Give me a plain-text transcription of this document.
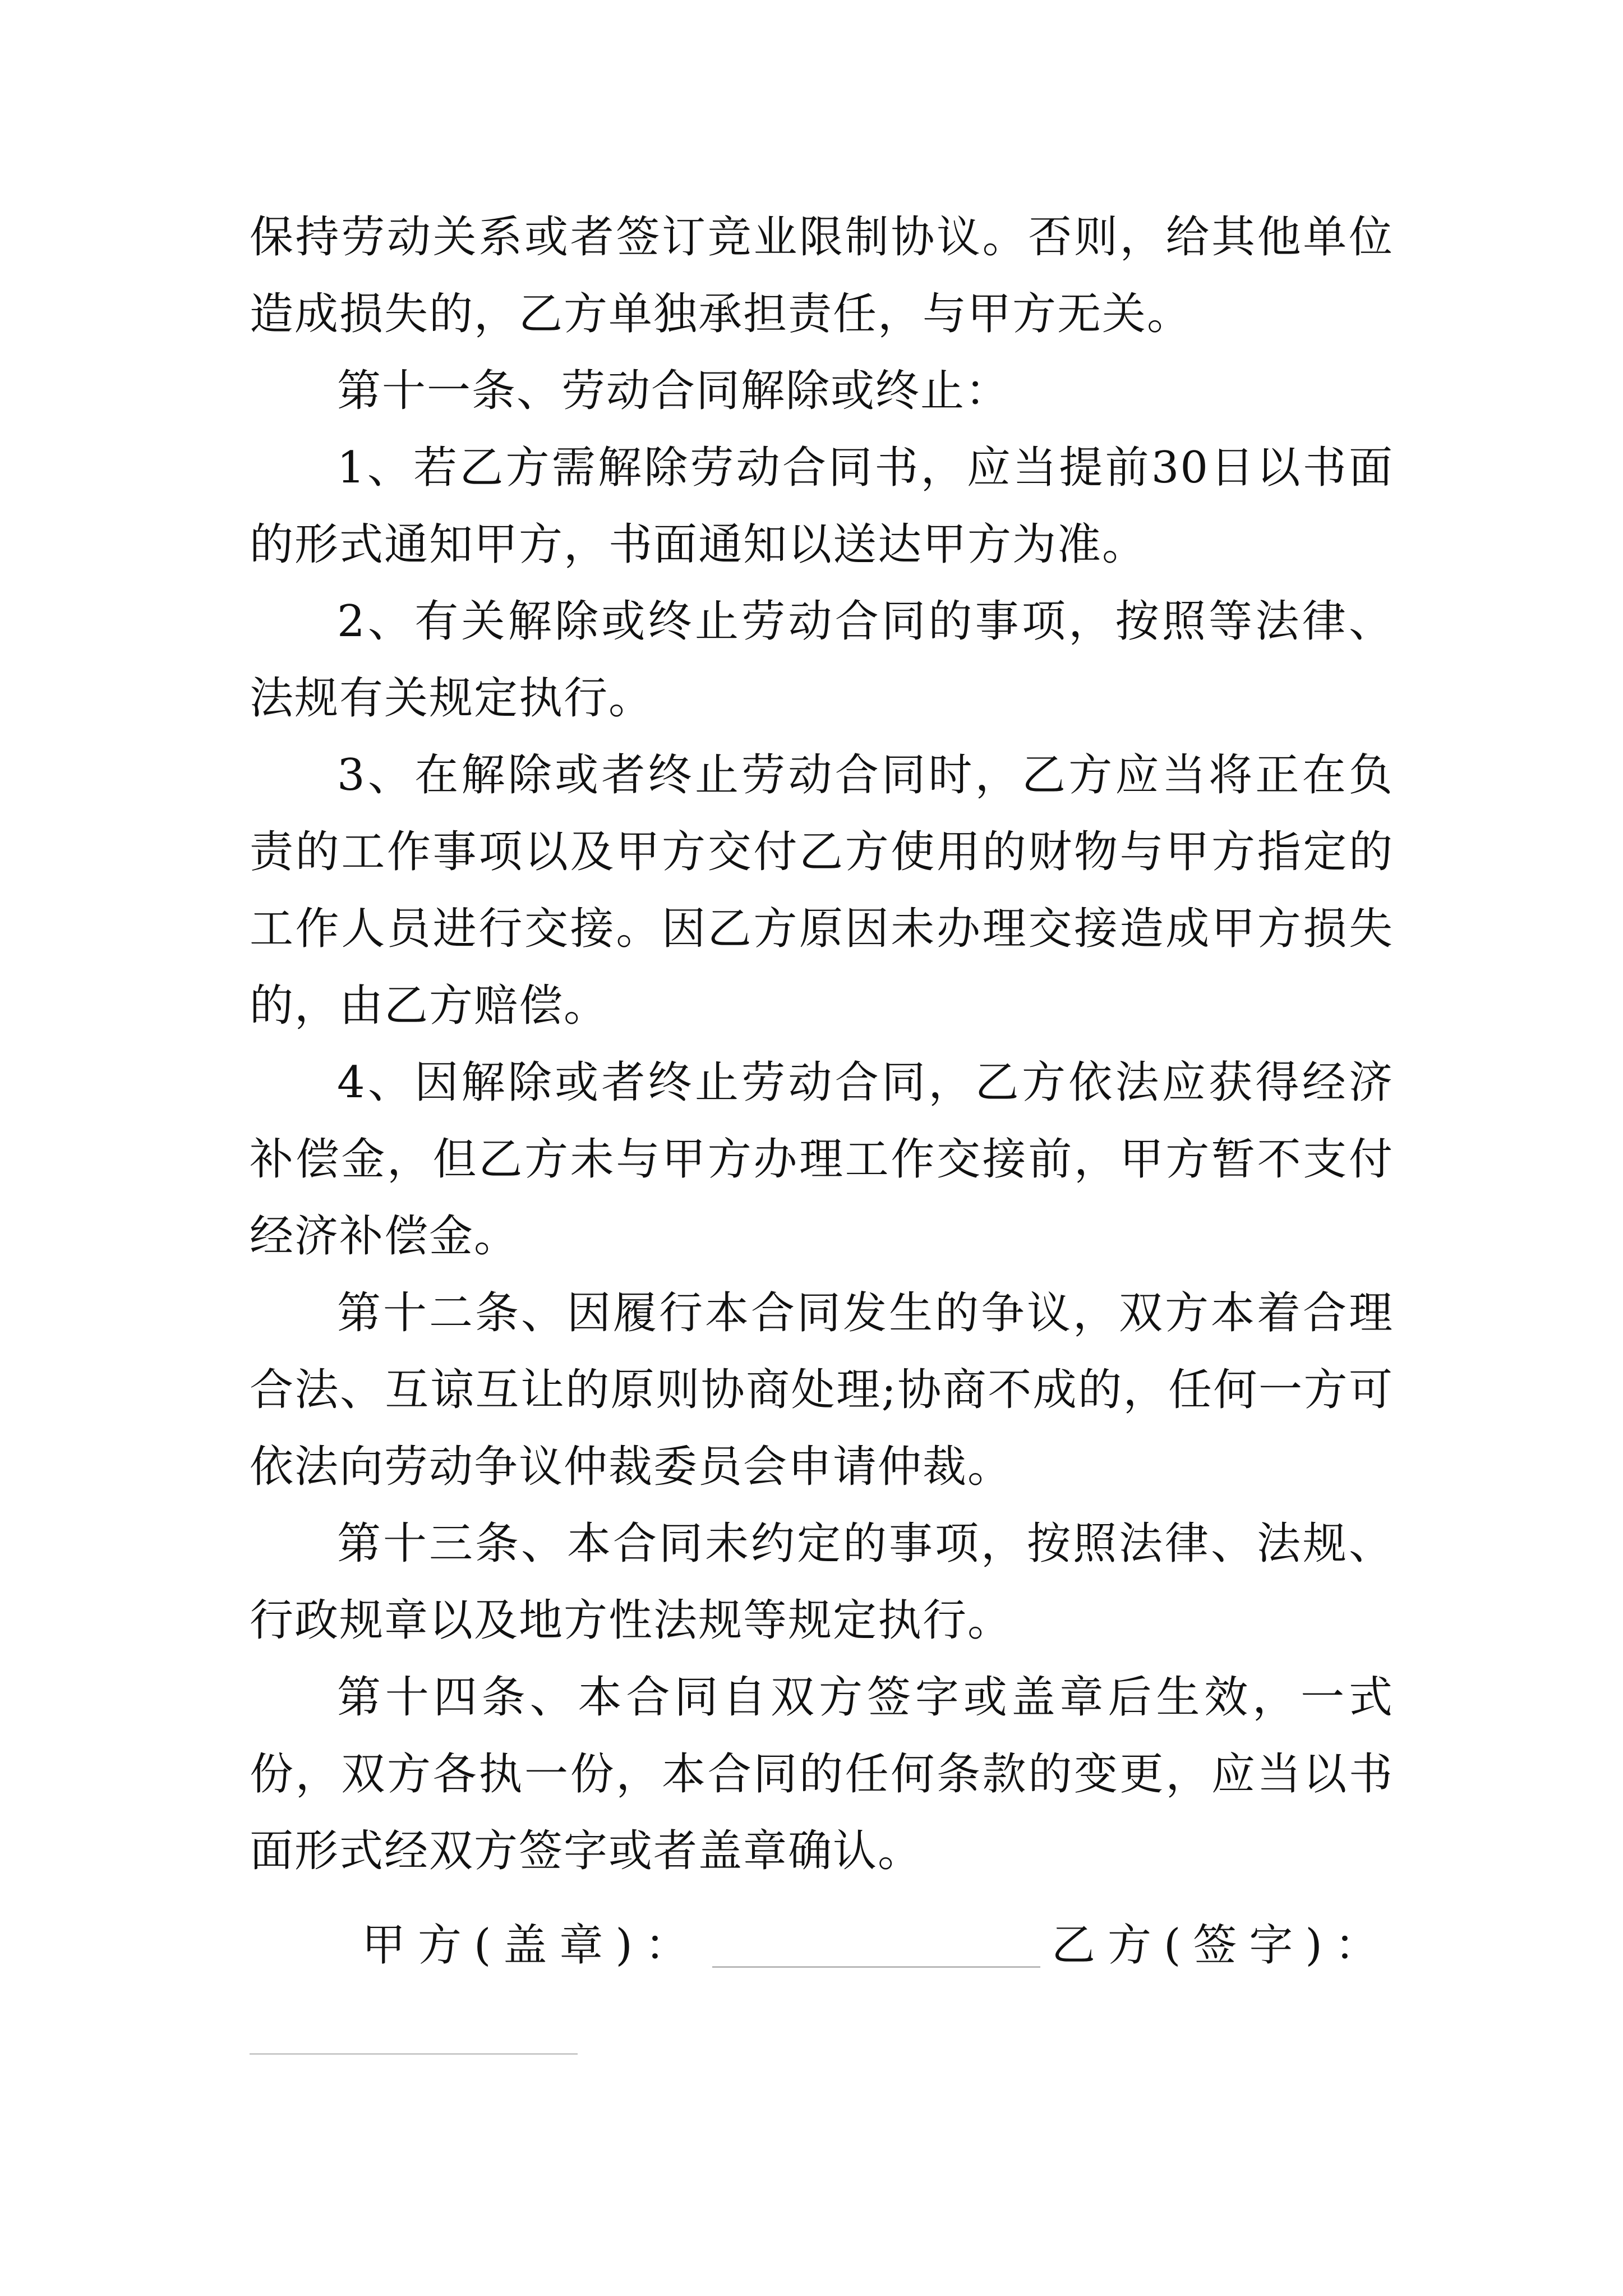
保持劳动关系或者签订竞业限制协议。否则，给其他单位造成损失的，乙方单独承担责任，与甲方无关。

第十一条、劳动合同解除或终止：

1、若乙方需解除劳动合同书，应当提前30日以书面的形式通知甲方，书面通知以送达甲方为准。

2、有关解除或终止劳动合同的事项，按照等法律、法规有关规定执行。

3、在解除或者终止劳动合同时，乙方应当将正在负责的工作事项以及甲方交付乙方使用的财物与甲方指定的工作人员进行交接。因乙方原因未办理交接造成甲方损失的，由乙方赔偿。

4、因解除或者终止劳动合同，乙方依法应获得经济补偿金，但乙方未与甲方办理工作交接前，甲方暂不支付经济补偿金。

第十二条、因履行本合同发生的争议，双方本着合理合法、互谅互让的原则协商处理;协商不成的，任何一方可依法向劳动争议仲裁委员会申请仲裁。

第十三条、本合同未约定的事项，按照法律、法规、行政规章以及地方性法规等规定执行。

第十四条、本合同自双方签字或盖章后生效，一式份，双方各执一份，本合同的任何条款的变更，应当以书面形式经双方签字或者盖章确认。

甲方(盖章)：	乙方(签字)：
